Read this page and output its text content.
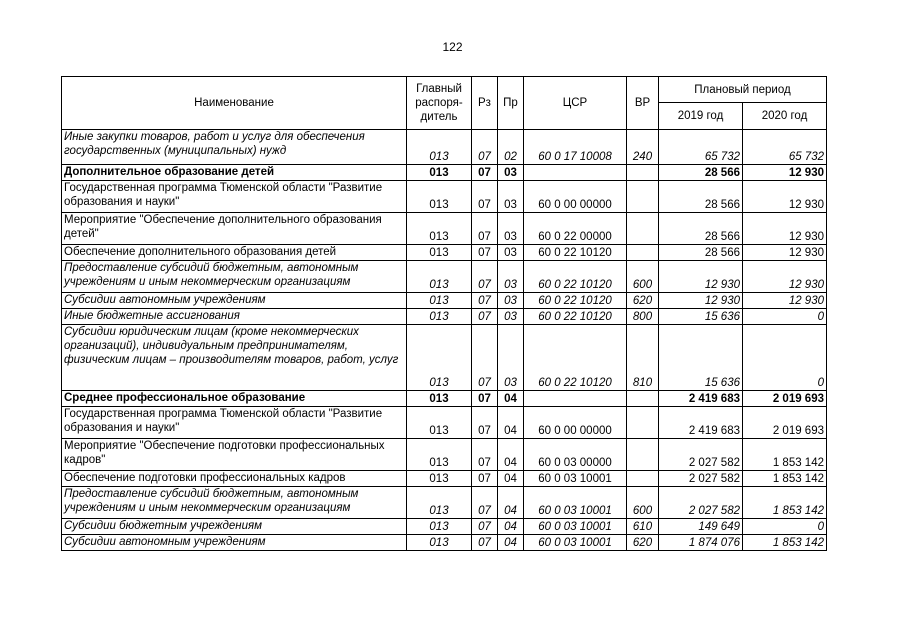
122
Наименование	Главный распоря-дитель	Рз	Пр	ЦСР	ВР	Плановый период	
						2019 год	2020 год
Иные закупки товаров, работ и услуг для обеспечения государственных (муниципальных) нужд	013	07	02	60 0 17 10008	240	65 732	65 732
Дополнительное образование детей	013	07	03			28 566	12 930
Государственная программа Тюменской области "Развитие образования и науки"	013	07	03	60 0 00 00000		28 566	12 930
Мероприятие "Обеспечение дополнительного образования детей"	013	07	03	60 0 22 00000		28 566	12 930
Обеспечение дополнительного образования детей	013	07	03	60 0 22 10120		28 566	12 930
Предоставление субсидий бюджетным, автономным учреждениям и иным некоммерческим организациям	013	07	03	60 0 22 10120	600	12 930	12 930
Субсидии автономным учреждениям	013	07	03	60 0 22 10120	620	12 930	12 930
Иные бюджетные ассигнования	013	07	03	60 0 22 10120	800	15 636	0
Субсидии юридическим лицам (кроме некоммерческих организаций), индивидуальным предпринимателям, физическим лицам – производителям товаров, работ, услуг	013	07	03	60 0 22 10120	810	15 636	0
Среднее профессиональное образование	013	07	04			2 419 683	2 019 693
Государственная программа Тюменской области "Развитие образования и науки"	013	07	04	60 0 00 00000		2 419 683	2 019 693
Мероприятие "Обеспечение подготовки профессиональных кадров"	013	07	04	60 0 03 00000		2 027 582	1 853 142
Обеспечение подготовки профессиональных кадров	013	07	04	60 0 03 10001		2 027 582	1 853 142
Предоставление субсидий бюджетным, автономным учреждениям и иным некоммерческим организациям	013	07	04	60 0 03 10001	600	2 027 582	1 853 142
Субсидии бюджетным учреждениям	013	07	04	60 0 03 10001	610	149 649	0
Субсидии автономным учреждениям	013	07	04	60 0 03 10001	620	1 874 076	1 853 142
